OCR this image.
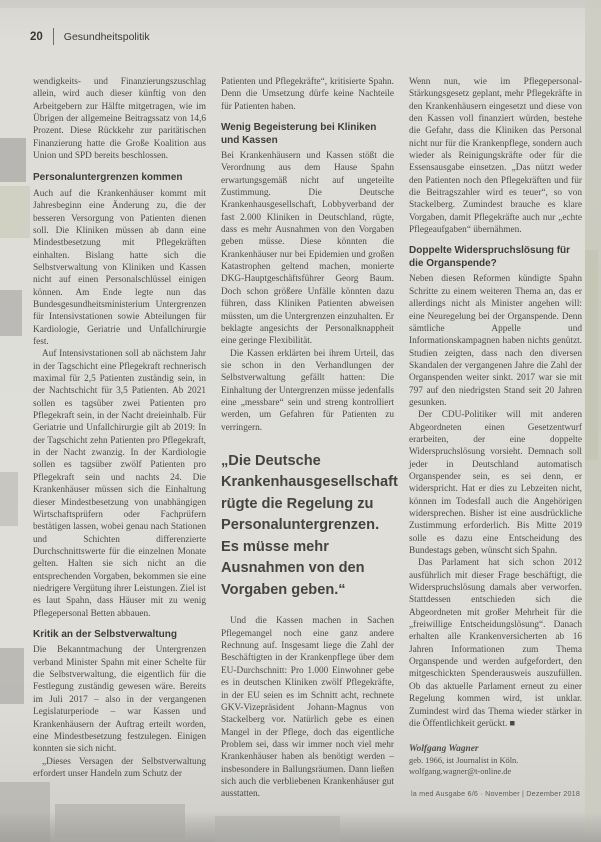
20 Gesundheitspolitik

wendigkeits- und Finanzierungszuschlag allein, wird auch dieser künftig von den Arbeitgebern zur Hälfte mitgetragen, wie im Übrigen der allgemeine Beitragssatz von 14,6 Prozent. Diese Rückkehr zur paritätischen Finanzierung hatte die Große Koalition aus Union und SPD bereits beschlossen.

Personaluntergrenzen kommen

Auch auf die Krankenhäuser kommt mit Jahresbeginn eine Änderung zu, die der besseren Versorgung von Patienten dienen soll. Die Kliniken müssen ab dann eine Mindestbesetzung mit Pflegekräften einhalten. Bislang hatte sich die Selbstverwaltung von Kliniken und Kassen nicht auf einen Personalschlüssel einigen können. Am Ende legte nun das Bundesgesundheitsministerium Untergrenzen für Intensivstationen sowie Abteilungen für Kardiologie, Geriatrie und Unfallchirurgie fest.

Auf Intensivstationen soll ab nächstem Jahr in der Tagschicht eine Pflegekraft rechnerisch maximal für 2,5 Patienten zuständig sein, in der Nachtschicht für 3,5 Patienten. Ab 2021 sollen es tagsüber zwei Patienten pro Pflegekraft sein, in der Nacht dreieinhalb. Für Geriatrie und Unfallchirurgie gilt ab 2019: In der Tagschicht zehn Patienten pro Pflegekraft, in der Nacht zwanzig. In der Kardiologie sollen es tagsüber zwölf Patienten pro Pflegekraft sein und nachts 24. Die Krankenhäuser müssen sich die Einhaltung dieser Mindestbesetzung von unabhängigen Wirtschaftsprüfern oder Fachprüfern bestätigen lassen, wobei genau nach Stationen und Schichten differenzierte Durchschnittswerte für die einzelnen Monate gelten. Halten sie sich nicht an die entsprechenden Vorgaben, bekommen sie eine niedrigere Vergütung ihrer Leistungen. Ziel ist es laut Spahn, dass Häuser mit zu wenig Pflegepersonal Betten abbauen.

Kritik an der Selbstverwaltung

Die Bekanntmachung der Untergrenzen verband Minister Spahn mit einer Schelte für die Selbstverwaltung, die eigentlich für die Festlegung zuständig gewesen wäre. Bereits im Juli 2017 – also in der vergangenen Legislaturperiode – war Kassen und Krankenhäusern der Auftrag erteilt worden, eine Mindestbesetzung festzulegen. Einigen konnten sie sich nicht.

„Dieses Versagen der Selbstverwaltung erfordert unser Handeln zum Schutz der

Patienten und Pflegekräfte“, kritisierte Spahn. Denn die Umsetzung dürfe keine Nachteile für Patienten haben.

Wenig Begeisterung bei Kliniken und Kassen

Bei Krankenhäusern und Kassen stößt die Verordnung aus dem Hause Spahn erwartungsgemäß nicht auf ungeteilte Zustimmung. Die Deutsche Krankenhausgesellschaft, Lobbyverband der fast 2.000 Kliniken in Deutschland, rügte, dass es mehr Ausnahmen von den Vorgaben geben müsse. Diese könnten die Krankenhäuser nur bei Epidemien und großen Katastrophen geltend machen, monierte DKG-Hauptgeschäftsführer Georg Baum. Doch schon größere Unfälle könnten dazu führen, dass Kliniken Patienten abweisen müssten, um die Untergrenzen einzuhalten. Er beklagte angesichts der Personalknappheit eine geringe Flexibilität.

Die Kassen erklärten bei ihrem Urteil, das sie schon in den Verhandlungen der Selbstverwaltung gefällt hatten: Die Einhaltung der Untergrenzen müsse jedenfalls eine „messbare“ sein und streng kontrolliert werden, um Gefahren für Patienten zu verringern.

„Die Deutsche Krankenhausgesellschaft rügte die Regelung zu Personaluntergrenzen. Es müsse mehr Ausnahmen von den Vorgaben geben.“

Und die Kassen machen in Sachen Pflegemangel noch eine ganz andere Rechnung auf. Insgesamt liege die Zahl der Beschäftigten in der Krankenpflege über dem EU-Durchschnitt: Pro 1.000 Einwohner gebe es in deutschen Kliniken zwölf Pflegekräfte, in der EU seien es im Schnitt acht, rechnete GKV-Vizepräsident Johann-Magnus von Stackelberg vor. Natürlich gebe es einen Mangel in der Pflege, doch das eigentliche Problem sei, dass wir immer noch viel mehr Krankenhäuser haben als benötigt werden – insbesondere in Ballungsräumen. Dann ließen sich auch die verbliebenen Krankenhäuser gut ausstatten.

Wenn nun, wie im Pflegepersonal-Stärkungsgesetz geplant, mehr Pflegekräfte in den Krankenhäusern eingesetzt und diese von den Kassen voll finanziert würden, bestehe die Gefahr, dass die Kliniken das Personal nicht nur für die Krankenpflege, sondern auch wieder als Reinigungskräfte oder für die Essensausgabe einsetzen. „Das nützt weder den Patienten noch den Pflegekräften und für die Beitragszahler wird es teuer“, so von Stackelberg. Zumindest brauche es klare Vorgaben, damit Pflegekräfte auch nur „echte Pflegeaufgaben“ übernähmen.

Doppelte Widerspruchslösung für die Organspende?

Neben diesen Reformen kündigte Spahn Schritte zu einem weiteren Thema an, das er allerdings nicht als Minister angehen will: eine Neuregelung bei der Organspende. Denn sämtliche Appelle und Informationskampagnen haben nichts genützt. Studien zeigten, dass nach den diversen Skandalen der vergangenen Jahre die Zahl der Organspenden weiter sinkt. 2017 war sie mit 797 auf den niedrigsten Stand seit 20 Jahren gesunken.

Der CDU-Politiker will mit anderen Abgeordneten einen Gesetzentwurf erarbeiten, der eine doppelte Widerspruchslösung vorsieht. Demnach soll jeder in Deutschland automatisch Organspender sein, es sei denn, er widerspricht. Hat er dies zu Lebzeiten nicht, können im Todesfall auch die Angehörigen widersprechen. Bisher ist eine ausdrückliche Zustimmung erforderlich. Bis Mitte 2019 solle es dazu eine Entscheidung des Bundestags geben, wünscht sich Spahn.

Das Parlament hat sich schon 2012 ausführlich mit dieser Frage beschäftigt, die Widerspruchslösung damals aber verworfen. Stattdessen entschieden sich die Abgeordneten mit großer Mehrheit für die „freiwillige Entscheidungslösung“. Danach erhalten alle Krankenversicherten ab 16 Jahren Informationen zum Thema Organspende und werden aufgefordert, den mitgeschickten Spenderausweis auszufüllen. Ob das aktuelle Parlament erneut zu einer Regelung kommen wird, ist unklar. Zumindest wird das Thema wieder stärker in die Öffentlichkeit gerückt. ■

Wolfgang Wagner
geb. 1966, ist Journalist in Köln.
wolfgang.wagner@t-online.de
la med Ausgabe 6/6 · November | Dezember 2018
